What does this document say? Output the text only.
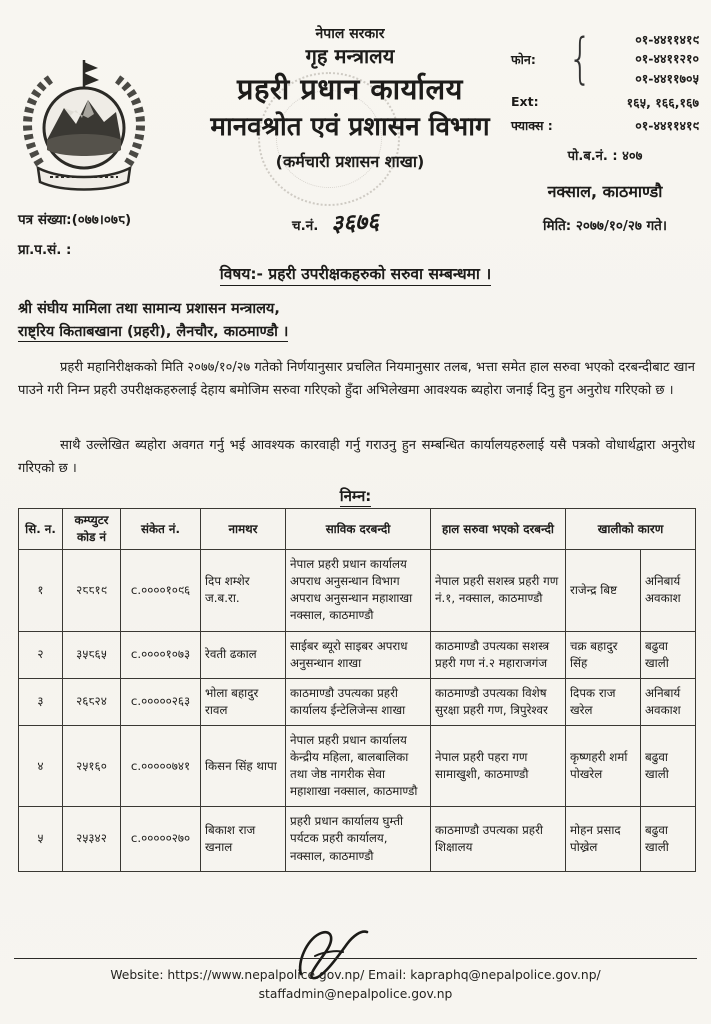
नेपाल सरकार
गृह मन्त्रालय
प्रहरी प्रधान कार्यालय
मानवश्रोत एवं प्रशासन विभाग
(कर्मचारी प्रशासन शाखा)
फोन: {	०१-४४११४१९
०१-४४११२१०
०१-४४११७०५
Ext:	१६५, १६६,१६७
फ्याक्स :	०१-४४११४१९
पो.ब.नं. : ४०७
नक्साल, काठमाण्डौ
मिति: २०७७/१०/२७ गते।
पत्र संख्या:(०७७।०७८)	च.नं. ३६७६
प्रा.प.सं. :
विषय:- प्रहरी उपरीक्षकहरुको सरुवा सम्बन्धमा ।
श्री संघीय मामिला तथा सामान्य प्रशासन मन्त्रालय,
राष्ट्रिय किताबखाना (प्रहरी), लैनचौर, काठमाण्डौ ।
प्रहरी महानिरीक्षकको मिति २०७७/१०/२७ गतेको निर्णयानुसार प्रचलित नियमानुसार तलब, भत्ता समेत हाल सरुवा भएको दरबन्दीबाट खान पाउने गरी निम्न प्रहरी उपरीक्षकहरुलाई देहाय बमोजिम सरुवा गरिएको हुँदा अभिलेखमा आवश्यक ब्यहोरा जनाई दिनु हुन अनुरोध गरिएको छ ।
साथै उल्लेखित ब्यहोरा अवगत गर्नु भई आवश्यक कारवाही गर्नु गराउनु हुन सम्बन्धित कार्यालयहरुलाई यसै पत्रको वोधार्थद्वारा अनुरोध गरिएको छ ।
निम्न:
सि. न.	कम्प्युटर कोड नं	संकेत नं.	नामथर	साविक दरबन्दी	हाल सरुवा भएको दरबन्दी	खालीको कारण	
१	२८८१९	c.००००१०९६	दिप शम्शेर ज.ब.रा.	नेपाल प्रहरी प्रधान कार्यालय अपराध अनुसन्धान विभाग अपराध अनुसन्धान महाशाखा नक्साल, काठमाण्डौ	नेपाल प्रहरी सशस्त्र प्रहरी गण नं.१, नक्साल, काठमाण्डौ	राजेन्द्र बिष्ट	अनिबार्य अवकाश
२	३५८६५	c.००००१०७३	रेवती ढकाल	साईबर ब्यूरो साइबर अपराध अनुसन्धान शाखा	काठमाण्डौ उपत्यका सशस्त्र प्रहरी गण नं.२ महाराजगंज	चक्र बहादुर सिंह	बढुवा खाली
३	२६८२४	c.०००००२६३	भोला बहादुर रावल	काठमाण्डौ उपत्यका प्रहरी कार्यालय ईन्टेलिजेन्स शाखा	काठमाण्डौ उपत्यका विशेष सुरक्षा प्रहरी गण, त्रिपुरेश्वर	दिपक राज खरेल	अनिबार्य अवकाश
४	२५१६०	c.०००००७४१	किसन सिंह थापा	नेपाल प्रहरी प्रधान कार्यालय केन्द्रीय महिला, बालबालिका तथा जेष्ठ नागरीक सेवा महाशाखा नक्साल, काठमाण्डौ	नेपाल प्रहरी पहरा गण सामाखुशी, काठमाण्डौ	कृष्णहरी शर्मा पोखरेल	बढुवा खाली
५	२५३४२	c.०००००२७०	बिकाश राज खनाल	प्रहरी प्रधान कार्यालय घुम्ती पर्यटक प्रहरी कार्यालय, नक्साल, काठमाण्डौ	काठमाण्डौ उपत्यका प्रहरी शिक्षालय	मोहन प्रसाद पोख्रेल	बढुवा खाली
Website: https://www.nepalpolice.gov.np/ Email: kapraphq@nepalpolice.gov.np/
staffadmin@nepalpolice.gov.np
